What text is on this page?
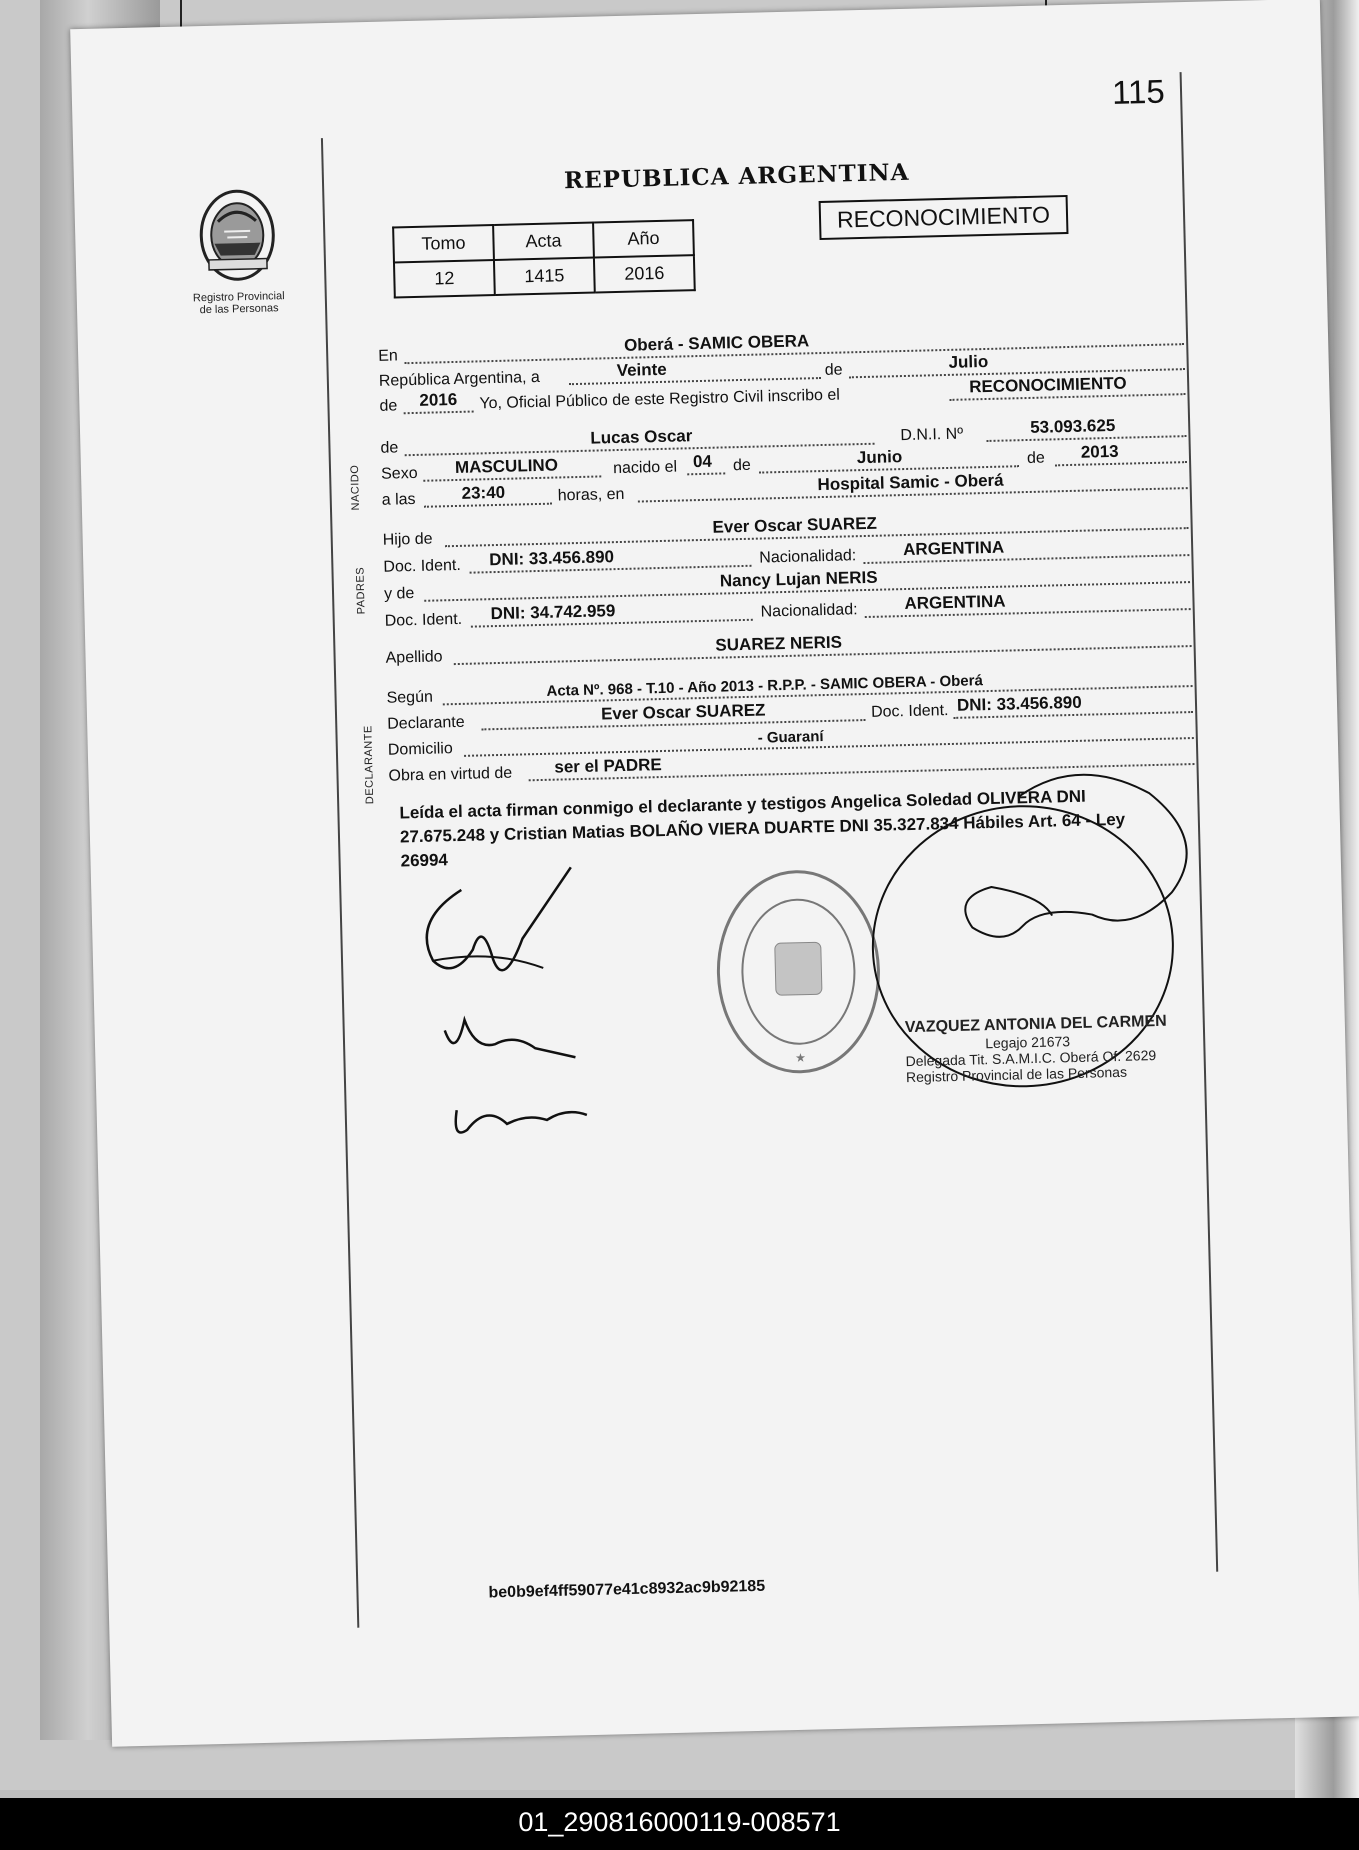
115
Registro Provincial
de las Personas
REPUBLICA ARGENTINA
Tomo	Acta	Año
12	1415	2016
RECONOCIMIENTO
NACIDO
PADRES
DECLARANTE
En
Oberá - SAMIC OBERA
República Argentina, a	Veinte	de	Julio
de 2016 Yo, Oficial Público de este Registro Civil inscribo el
RECONOCIMIENTO
de
Lucas Oscar	D.N.I. Nº	53.093.625
Sexo MASCULINO	nacido el 04 de	Junio	de 2013
a las	23:40	horas, en
Hospital Samic - Oberá
Hijo de
Ever Oscar SUAREZ
Doc. Ident. DNI: 33.456.890	Nacionalidad:	ARGENTINA
y de
Nancy Lujan NERIS
Doc. Ident. DNI: 34.742.959	Nacionalidad:	ARGENTINA
Apellido
SUAREZ NERIS
Según	Acta Nº. 968 - T.10 - Año 2013 - R.P.P. - SAMIC OBERA - Oberá
Declarante	Ever Oscar SUAREZ	Doc. Ident. DNI: 33.456.890
Domicilio
- Guaraní
Obra en virtud de ser el PADRE
Leída el acta firman conmigo el declarante y testigos Angelica Soledad OLIVERA DNI 27.675.248 y Cristian Matias BOLAÑO VIERA DUARTE DNI 35.327.834 Hábiles Art. 64 - Ley 26994
★
VAZQUEZ ANTONIA DEL CARMEN
Legajo 21673
Delegada Tit. S.A.M.I.C. Oberá Of. 2629
Registro Provincial de las Personas
be0b9ef4ff59077e41c8932ac9b92185
01_290816000119-008571
